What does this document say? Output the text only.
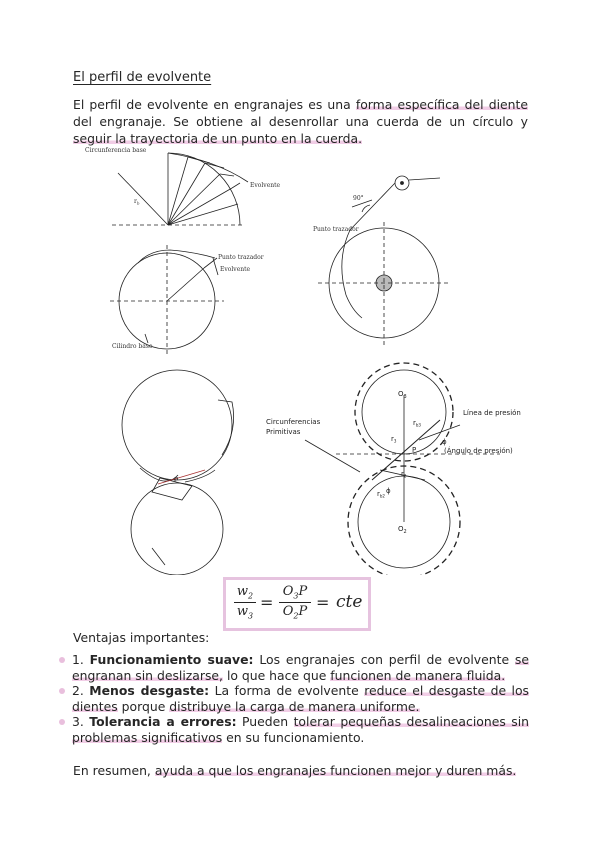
El perfil de evolvente
El perfil de evolvente en engranajes es una forma específica del diente del engranaje. Se obtiene al desenrollar una cuerda de un círculo y seguir la trayectoria de un punto en la cuerda.
Circunferencia base
Evolvente
$r_b$
Punto trazador
Evolvente
Cilindro base
90°
Punto trazador
P
Circunferencias
Primitivas
Línea de presión
(Ángulo de presión)
ϕ
$O_3$
$O_2$
$r_{b3}$
$r_3$
$r_2$
$r_{b2}$
P
ϕ
$w_2$
$w_3$
=
$O_3P$
$O_2P$ = cte
Ventajas importantes:
1. Funcionamiento suave: Los engranajes con perfil de evolvente se engranan sin deslizarse, lo que hace que funcionen de manera fluida.
2. Menos desgaste: La forma de evolvente reduce el desgaste de los dientes porque distribuye la carga de manera uniforme.
3. Tolerancia a errores: Pueden tolerar pequeñas desalineaciones sin problemas significativos en su funcionamiento.
En resumen, ayuda a que los engranajes funcionen mejor y duren más.
